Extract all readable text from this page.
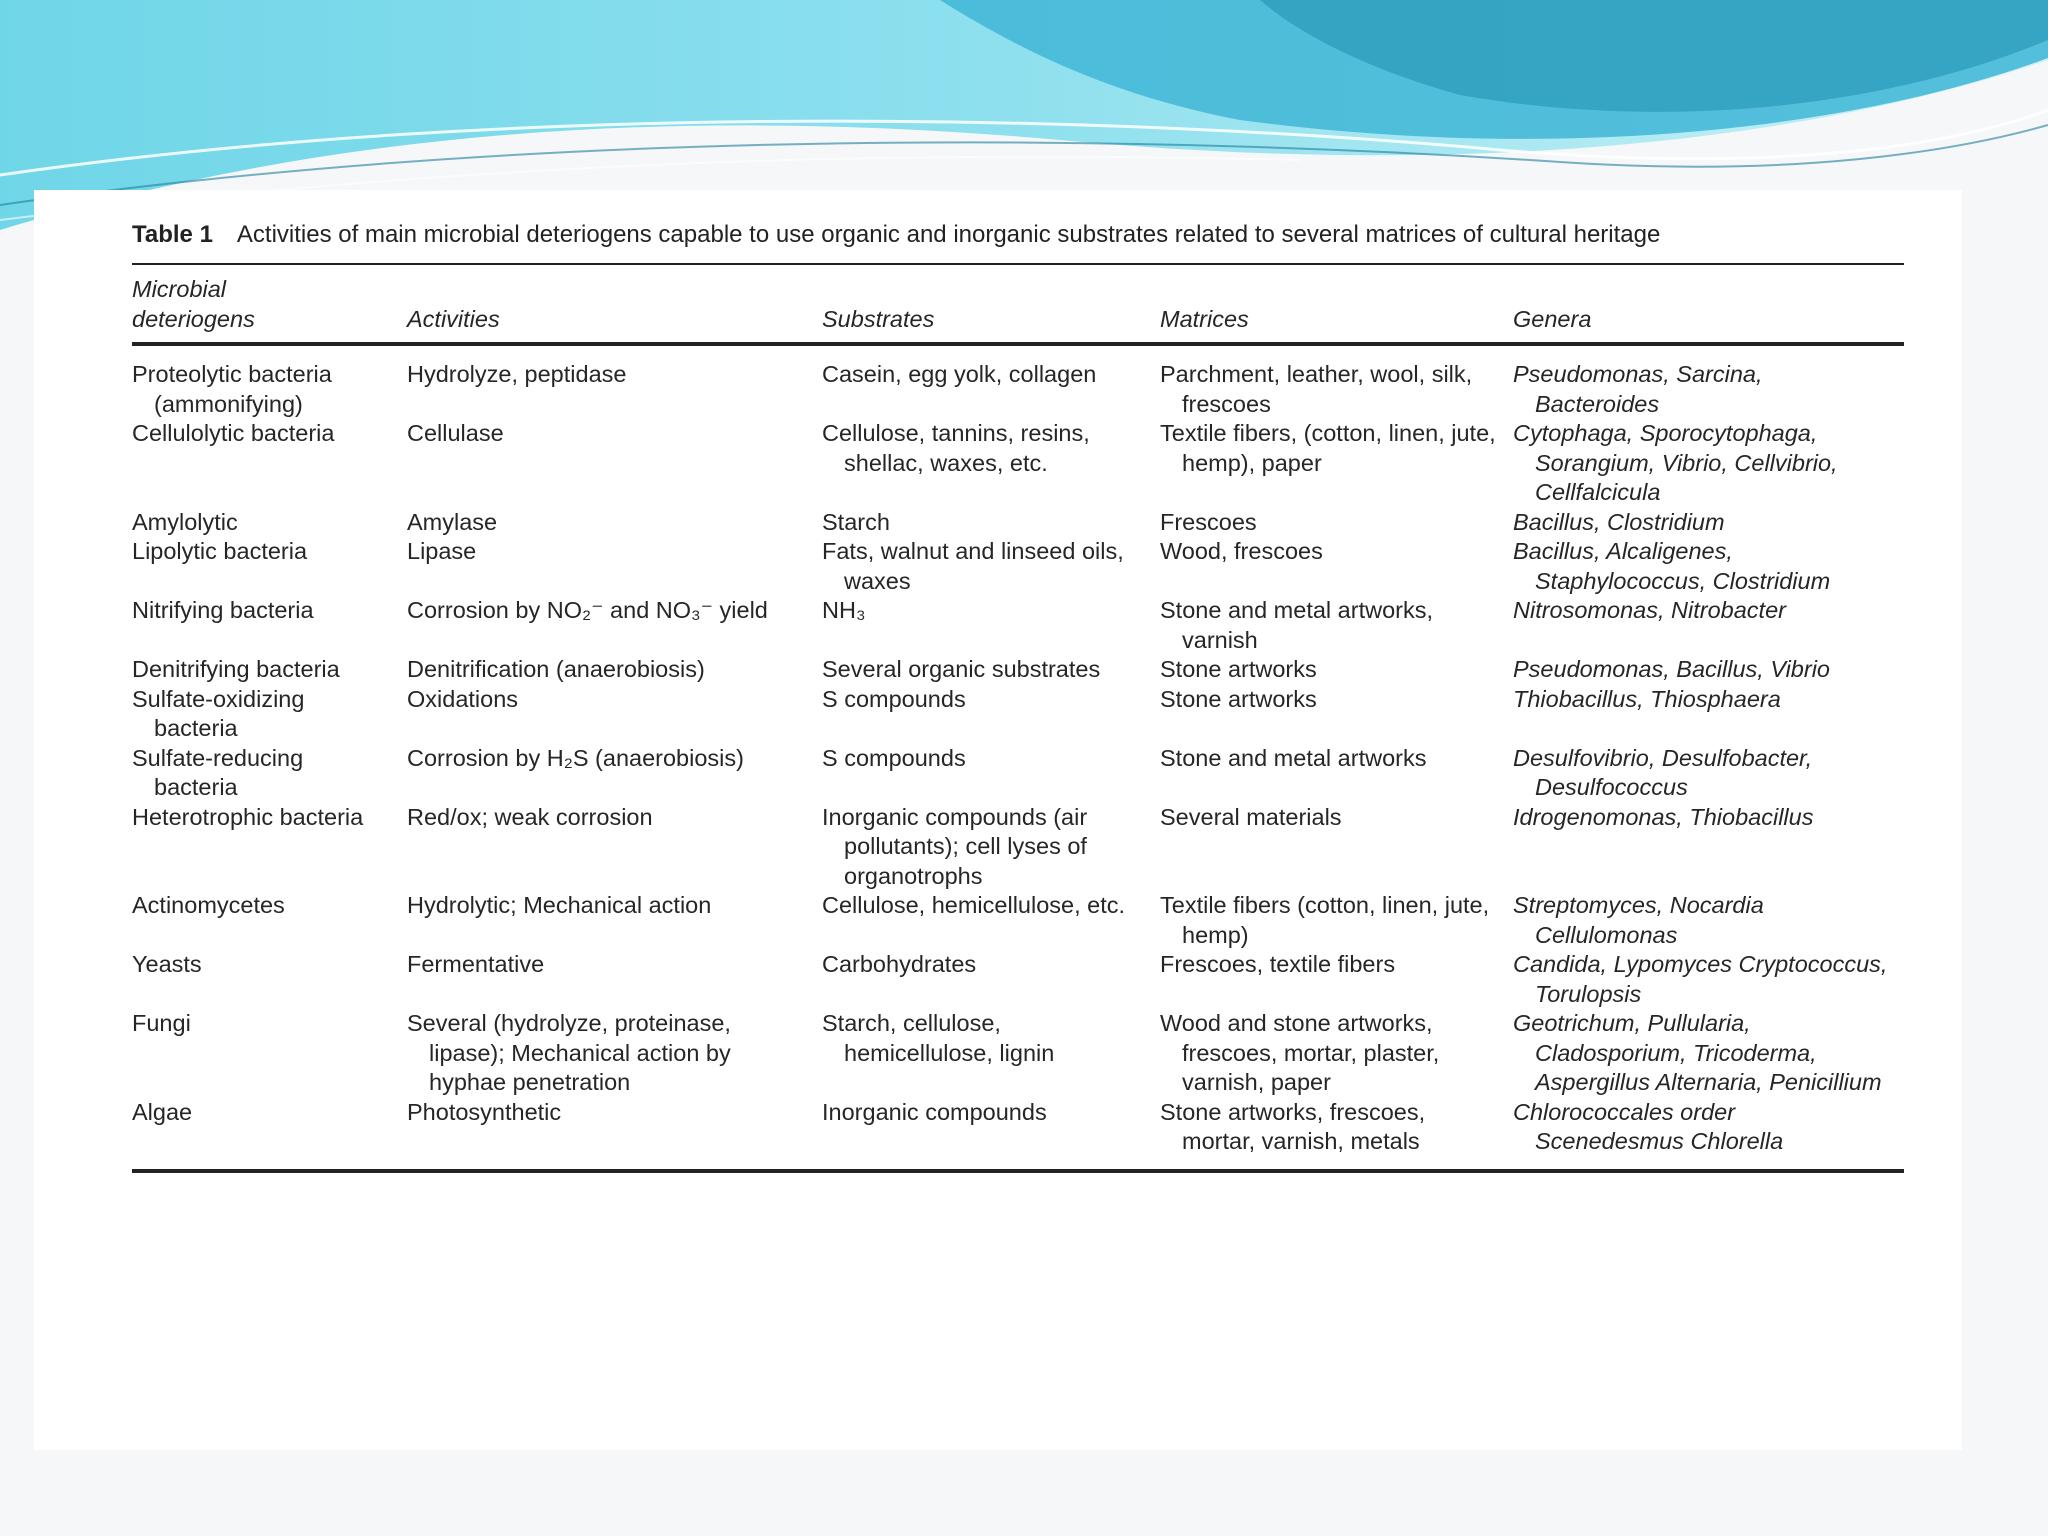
Table 1 Activities of main microbial deteriogens capable to use organic and inorganic substrates related to several matrices of cultural heritage

Microbial
deteriogens	Activities	Substrates	Matrices	Genera

Proteolytic bacteria (ammonifying)	Hydrolyze, peptidase	Casein, egg yolk, collagen	Parchment, leather, wool, silk, frescoes	Pseudomonas, Sarcina, Bacteroides

Cellulolytic bacteria	Cellulase	Cellulose, tannins, resins, shellac, waxes, etc.	Textile fibers, (cotton, linen, jute, hemp), paper	Cytophaga, Sporocytophaga, Sorangium, Vibrio, Cellvibrio, Cellfalcicula

Amylolytic	Amylase	Starch	Frescoes	Bacillus, Clostridium

Lipolytic bacteria	Lipase	Fats, walnut and linseed oils, waxes	Wood, frescoes	Bacillus, Alcaligenes, Staphylococcus, Clostridium

Nitrifying bacteria	Corrosion by NO₂⁻ and NO₃⁻ yield	NH₃	Stone and metal artworks, varnish	Nitrosomonas, Nitrobacter

Denitrifying bacteria	Denitrification (anaerobiosis)	Several organic substrates	Stone artworks	Pseudomonas, Bacillus, Vibrio

Sulfate-oxidizing bacteria	Oxidations	S compounds	Stone artworks	Thiobacillus, Thiosphaera

Sulfate-reducing bacteria	Corrosion by H₂S (anaerobiosis)	S compounds	Stone and metal artworks	Desulfovibrio, Desulfobacter, Desulfococcus

Heterotrophic bacteria	Red/ox; weak corrosion	Inorganic compounds (air pollutants); cell lyses of organotrophs	Several materials	Idrogenomonas, Thiobacillus

Actinomycetes	Hydrolytic; Mechanical action	Cellulose, hemicellulose, etc.	Textile fibers (cotton, linen, jute, hemp)	Streptomyces, Nocardia Cellulomonas

Yeasts	Fermentative	Carbohydrates	Frescoes, textile fibers	Candida, Lypomyces Cryptococcus, Torulopsis

Fungi	Several (hydrolyze, proteinase, lipase); Mechanical action by hyphae penetration	Starch, cellulose, hemicellulose, lignin	Wood and stone artworks, frescoes, mortar, plaster, varnish, paper	Geotrichum, Pullularia, Cladosporium, Tricoderma, Aspergillus Alternaria, Penicillium

Algae	Photosynthetic	Inorganic compounds	Stone artworks, frescoes, mortar, varnish, metals	Chlorococcales order Scenedesmus Chlorella
